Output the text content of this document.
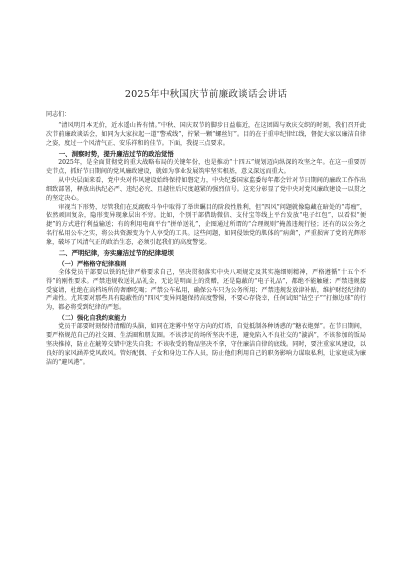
2025年中秋国庆节前廉政谈话会讲话
同志们：

“清风明月本无价，近水遥山皆有情。”中秋、国庆双节的脚步日益临近，在这团圆与欢庆交织的时刻，我们召开此次节前廉政谈话会，如同为大家拉起一道“警戒线”，拧紧一颗“螺丝钉”。目的在于重申纪律红线，督促大家以廉洁自律之姿，度过一个风清气正、安乐祥和的佳节。下面，我提三点要求。

一、洞察时势，提升廉洁过节的政治觉悟

2025年，是全面贯彻党的重大战略布局的关键年份，也是推动“十四五”规划迈向纵深的攻坚之年。在这一重要历史节点，抓好节日期间的党风廉政建设，就如为事业发展筑牢坚实根基，意义深远而重大。

从中央层面来看，党中央对作风建设始终保持如磐定力，中央纪委国家监委每年都会针对节日期间的廉政工作作出细致部署，释放出执纪必严、违纪必究、且越往后尺度越紧的强烈信号。这充分彰显了党中央对党风廉政建设一以贯之的坚定决心。

审视当下形势，尽管我们在反腐败斗争中取得了举世瞩目的阶段性胜利，但“四风”问题就像隐藏在暗处的“毒瘤”，依然顽固复杂，隐形变异现象层出不穷。比如，个别干部借助微信、支付宝等线上平台发放“电子红包”，以看似“便捷”的方式进行利益输送；有的利用电商平台“拼单送礼”，企图通过所谓的“合理规则”掩盖违规行径；还有的以公务之名行私用公车之实，将公共资源变为个人享受的工具。这些问题，如同侵蚀党的肌体的“病菌”，严重损害了党的光辉形象，破坏了风清气正的政治生态，必须引起我们的高度警觉。

二、严明纪律，夯实廉洁过节的纪律堤坝
（一）严格格守纪律准则

全体党员干部要以铁的纪律严格要求自己，坚决贯彻落实中央八项规定及其实施细则精神，严格遵循“十五个不得”的刚性要求。严禁违规收送礼品礼金，无论是明面上的赏赠，还是隐蔽的“电子礼品”，都绝不能触碰；严禁违规接受宴请，杜绝在高档场所的奢靡吃喝；严禁公车私用，确保公车只为公务所用；严禁违规发放津补贴，维护财经纪律的严肃性。尤其要对那些具有隐蔽性的“四风”变异问题保持高度警惕，不要心存侥幸，任何试图“钻空子”“打擦边球”的行为，都必将受到纪律的严惩。

（二）强化自我约束能力

党员干部要时刻保持清醒的头脑，如同在迷雾中坚守方向的灯塔，自觉抵制各种诱惑的“糖衣炮弹”。在节日期间，要严格规范自己的社交圈、生活圈和朋友圈。不该涉足的场所坚决不进，避免陷入不良社交的“漩涡”，不该参加的饭局坚决推掉，防止在觥筹交错中迷失自我；不该收受的物品坚决不拿，守住廉洁自律的底线。同时，要注重家风建设，以良好的家风涵养党风政风。管好配偶、子女和身边工作人员，防止他们利用自己的职务影响力谋取私利，让家庭成为廉洁的“避风港”。
